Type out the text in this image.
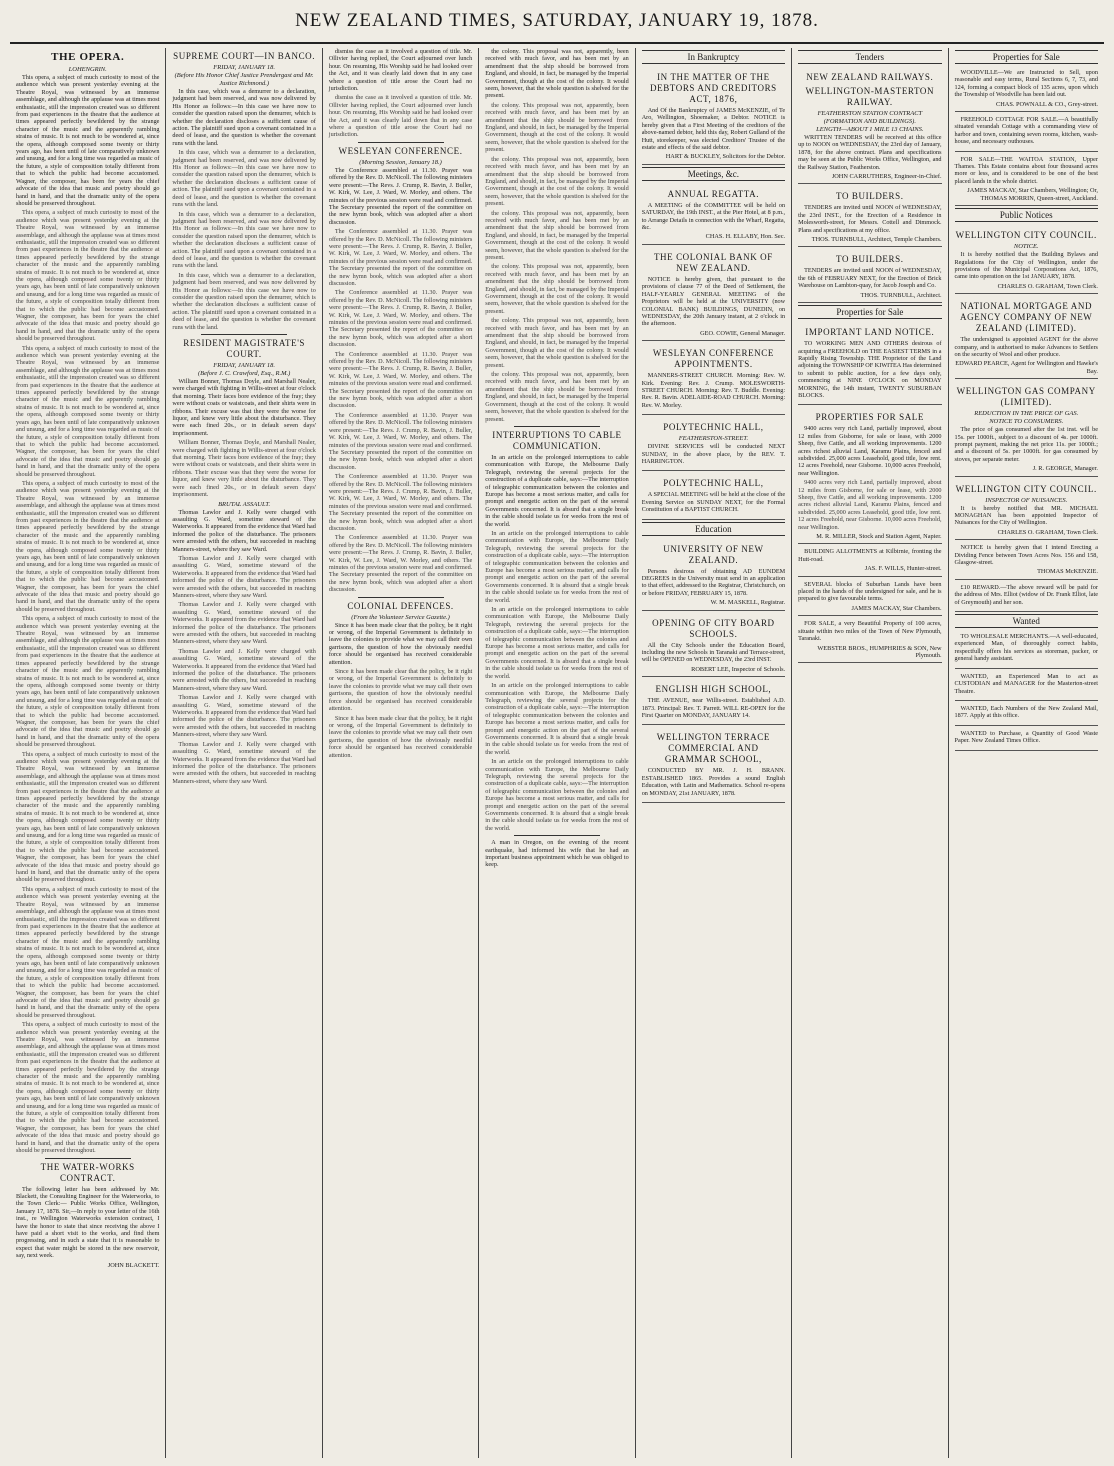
NEW ZEALAND TIMES, SATURDAY, JANUARY 19, 1878.
THE OPERA.
LOHENGRIN.

This opera, a subject of much curiosity to most of the audience which was present yesterday evening at the Theatre Royal, was witnessed by an immense assemblage, and although the applause was at times most enthusiastic, still the impression created was so different from past experiences in the theatre that the audience at times appeared perfectly bewildered by the strange character of the music and the apparently rambling strains of music. It is not much to be wondered at, since the opera, although composed some twenty or thirty years ago, has been until of late comparatively unknown and unsung, and for a long time was regarded as music of the future, a style of composition totally different from that to which the public had become accustomed. Wagner, the composer, has been for years the chief advocate of the idea that music and poetry should go hand in hand, and that the dramatic unity of the opera should be preserved throughout.

This opera, a subject of much curiosity to most of the audience which was present yesterday evening at the Theatre Royal, was witnessed by an immense assemblage, and although the applause was at times most enthusiastic, still the impression created was so different from past experiences in the theatre that the audience at times appeared perfectly bewildered by the strange character of the music and the apparently rambling strains of music. It is not much to be wondered at, since the opera, although composed some twenty or thirty years ago, has been until of late comparatively unknown and unsung, and for a long time was regarded as music of the future, a style of composition totally different from that to which the public had become accustomed. Wagner, the composer, has been for years the chief advocate of the idea that music and poetry should go hand in hand, and that the dramatic unity of the opera should be preserved throughout.

This opera, a subject of much curiosity to most of the audience which was present yesterday evening at the Theatre Royal, was witnessed by an immense assemblage, and although the applause was at times most enthusiastic, still the impression created was so different from past experiences in the theatre that the audience at times appeared perfectly bewildered by the strange character of the music and the apparently rambling strains of music. It is not much to be wondered at, since the opera, although composed some twenty or thirty years ago, has been until of late comparatively unknown and unsung, and for a long time was regarded as music of the future, a style of composition totally different from that to which the public had become accustomed. Wagner, the composer, has been for years the chief advocate of the idea that music and poetry should go hand in hand, and that the dramatic unity of the opera should be preserved throughout.

This opera, a subject of much curiosity to most of the audience which was present yesterday evening at the Theatre Royal, was witnessed by an immense assemblage, and although the applause was at times most enthusiastic, still the impression created was so different from past experiences in the theatre that the audience at times appeared perfectly bewildered by the strange character of the music and the apparently rambling strains of music. It is not much to be wondered at, since the opera, although composed some twenty or thirty years ago, has been until of late comparatively unknown and unsung, and for a long time was regarded as music of the future, a style of composition totally different from that to which the public had become accustomed. Wagner, the composer, has been for years the chief advocate of the idea that music and poetry should go hand in hand, and that the dramatic unity of the opera should be preserved throughout.

This opera, a subject of much curiosity to most of the audience which was present yesterday evening at the Theatre Royal, was witnessed by an immense assemblage, and although the applause was at times most enthusiastic, still the impression created was so different from past experiences in the theatre that the audience at times appeared perfectly bewildered by the strange character of the music and the apparently rambling strains of music. It is not much to be wondered at, since the opera, although composed some twenty or thirty years ago, has been until of late comparatively unknown and unsung, and for a long time was regarded as music of the future, a style of composition totally different from that to which the public had become accustomed. Wagner, the composer, has been for years the chief advocate of the idea that music and poetry should go hand in hand, and that the dramatic unity of the opera should be preserved throughout.

This opera, a subject of much curiosity to most of the audience which was present yesterday evening at the Theatre Royal, was witnessed by an immense assemblage, and although the applause was at times most enthusiastic, still the impression created was so different from past experiences in the theatre that the audience at times appeared perfectly bewildered by the strange character of the music and the apparently rambling strains of music. It is not much to be wondered at, since the opera, although composed some twenty or thirty years ago, has been until of late comparatively unknown and unsung, and for a long time was regarded as music of the future, a style of composition totally different from that to which the public had become accustomed. Wagner, the composer, has been for years the chief advocate of the idea that music and poetry should go hand in hand, and that the dramatic unity of the opera should be preserved throughout.

This opera, a subject of much curiosity to most of the audience which was present yesterday evening at the Theatre Royal, was witnessed by an immense assemblage, and although the applause was at times most enthusiastic, still the impression created was so different from past experiences in the theatre that the audience at times appeared perfectly bewildered by the strange character of the music and the apparently rambling strains of music. It is not much to be wondered at, since the opera, although composed some twenty or thirty years ago, has been until of late comparatively unknown and unsung, and for a long time was regarded as music of the future, a style of composition totally different from that to which the public had become accustomed. Wagner, the composer, has been for years the chief advocate of the idea that music and poetry should go hand in hand, and that the dramatic unity of the opera should be preserved throughout.

This opera, a subject of much curiosity to most of the audience which was present yesterday evening at the Theatre Royal, was witnessed by an immense assemblage, and although the applause was at times most enthusiastic, still the impression created was so different from past experiences in the theatre that the audience at times appeared perfectly bewildered by the strange character of the music and the apparently rambling strains of music. It is not much to be wondered at, since the opera, although composed some twenty or thirty years ago, has been until of late comparatively unknown and unsung, and for a long time was regarded as music of the future, a style of composition totally different from that to which the public had become accustomed. Wagner, the composer, has been for years the chief advocate of the idea that music and poetry should go hand in hand, and that the dramatic unity of the opera should be preserved throughout.

THE WATER-WORKS CONTRACT.

The following letter has been addressed by Mr. Blackett, the Consulting Engineer for the Waterworks, to the Town Clerk:— Public Works Office, Wellington, January 17, 1878. Sir,—In reply to your letter of the 16th inst., re Wellington Waterworks extension contract, I have the honor to state that since receiving the above I have paid a short visit to the works, and find them progressing, and in such a state that it is reasonable to expect that water might be stored in the new reservoir, say, next week.

JOHN BLACKETT.
SUPREME COURT—IN BANCO.
FRIDAY, JANUARY 18.
(Before His Honor Chief Justice Prendergast and Mr. Justice Richmond.)

In this case, which was a demurrer to a declaration, judgment had been reserved, and was now delivered by His Honor as follows:—In this case we have now to consider the question raised upon the demurrer, which is whether the declaration discloses a sufficient cause of action. The plaintiff sued upon a covenant contained in a deed of lease, and the question is whether the covenant runs with the land.

In this case, which was a demurrer to a declaration, judgment had been reserved, and was now delivered by His Honor as follows:—In this case we have now to consider the question raised upon the demurrer, which is whether the declaration discloses a sufficient cause of action. The plaintiff sued upon a covenant contained in a deed of lease, and the question is whether the covenant runs with the land.

In this case, which was a demurrer to a declaration, judgment had been reserved, and was now delivered by His Honor as follows:—In this case we have now to consider the question raised upon the demurrer, which is whether the declaration discloses a sufficient cause of action. The plaintiff sued upon a covenant contained in a deed of lease, and the question is whether the covenant runs with the land.

In this case, which was a demurrer to a declaration, judgment had been reserved, and was now delivered by His Honor as follows:—In this case we have now to consider the question raised upon the demurrer, which is whether the declaration discloses a sufficient cause of action. The plaintiff sued upon a covenant contained in a deed of lease, and the question is whether the covenant runs with the land.

RESIDENT MAGISTRATE'S COURT.
FRIDAY, JANUARY 18.
(Before J. C. Crawford, Esq., R.M.)

William Bonner, Thomas Doyle, and Marshall Nealer, were charged with fighting in Willis-street at four o'clock that morning. Their faces bore evidence of the fray; they were without coats or waistcoats, and their shirts were in ribbons. Their excuse was that they were the worse for liquor, and knew very little about the disturbance. They were each fined 20s., or in default seven days' imprisonment.

William Bonner, Thomas Doyle, and Marshall Nealer, were charged with fighting in Willis-street at four o'clock that morning. Their faces bore evidence of the fray; they were without coats or waistcoats, and their shirts were in ribbons. Their excuse was that they were the worse for liquor, and knew very little about the disturbance. They were each fined 20s., or in default seven days' imprisonment.

BRUTAL ASSAULT.

Thomas Lawlor and J. Kelly were charged with assaulting G. Ward, sometime steward of the Waterworks. It appeared from the evidence that Ward had informed the police of the disturbance. The prisoners were arrested with the others, but succeeded in reaching Manners-street, where they saw Ward.

Thomas Lawlor and J. Kelly were charged with assaulting G. Ward, sometime steward of the Waterworks. It appeared from the evidence that Ward had informed the police of the disturbance. The prisoners were arrested with the others, but succeeded in reaching Manners-street, where they saw Ward.

Thomas Lawlor and J. Kelly were charged with assaulting G. Ward, sometime steward of the Waterworks. It appeared from the evidence that Ward had informed the police of the disturbance. The prisoners were arrested with the others, but succeeded in reaching Manners-street, where they saw Ward.

Thomas Lawlor and J. Kelly were charged with assaulting G. Ward, sometime steward of the Waterworks. It appeared from the evidence that Ward had informed the police of the disturbance. The prisoners were arrested with the others, but succeeded in reaching Manners-street, where they saw Ward.

Thomas Lawlor and J. Kelly were charged with assaulting G. Ward, sometime steward of the Waterworks. It appeared from the evidence that Ward had informed the police of the disturbance. The prisoners were arrested with the others, but succeeded in reaching Manners-street, where they saw Ward.

Thomas Lawlor and J. Kelly were charged with assaulting G. Ward, sometime steward of the Waterworks. It appeared from the evidence that Ward had informed the police of the disturbance. The prisoners were arrested with the others, but succeeded in reaching Manners-street, where they saw Ward.

dismiss the case as it involved a question of title. Mr. Ollivier having replied, the Court adjourned over lunch hour. On resuming, His Worship said he had looked over the Act, and it was clearly laid down that in any case where a question of title arose the Court had no jurisdiction.

dismiss the case as it involved a question of title. Mr. Ollivier having replied, the Court adjourned over lunch hour. On resuming, His Worship said he had looked over the Act, and it was clearly laid down that in any case where a question of title arose the Court had no jurisdiction.

WESLEYAN CONFERENCE.
(Morning Session, January 18.)

The Conference assembled at 11.30. Prayer was offered by the Rev. D. McNicoll. The following ministers were present:—The Revs. J. Crump, R. Bavin, J. Buller, W. Kirk, W. Lee, J. Ward, W. Morley, and others. The minutes of the previous session were read and confirmed. The Secretary presented the report of the committee on the new hymn book, which was adopted after a short discussion.

The Conference assembled at 11.30. Prayer was offered by the Rev. D. McNicoll. The following ministers were present:—The Revs. J. Crump, R. Bavin, J. Buller, W. Kirk, W. Lee, J. Ward, W. Morley, and others. The minutes of the previous session were read and confirmed. The Secretary presented the report of the committee on the new hymn book, which was adopted after a short discussion.

The Conference assembled at 11.30. Prayer was offered by the Rev. D. McNicoll. The following ministers were present:—The Revs. J. Crump, R. Bavin, J. Buller, W. Kirk, W. Lee, J. Ward, W. Morley, and others. The minutes of the previous session were read and confirmed. The Secretary presented the report of the committee on the new hymn book, which was adopted after a short discussion.

The Conference assembled at 11.30. Prayer was offered by the Rev. D. McNicoll. The following ministers were present:—The Revs. J. Crump, R. Bavin, J. Buller, W. Kirk, W. Lee, J. Ward, W. Morley, and others. The minutes of the previous session were read and confirmed. The Secretary presented the report of the committee on the new hymn book, which was adopted after a short discussion.

The Conference assembled at 11.30. Prayer was offered by the Rev. D. McNicoll. The following ministers were present:—The Revs. J. Crump, R. Bavin, J. Buller, W. Kirk, W. Lee, J. Ward, W. Morley, and others. The minutes of the previous session were read and confirmed. The Secretary presented the report of the committee on the new hymn book, which was adopted after a short discussion.

The Conference assembled at 11.30. Prayer was offered by the Rev. D. McNicoll. The following ministers were present:—The Revs. J. Crump, R. Bavin, J. Buller, W. Kirk, W. Lee, J. Ward, W. Morley, and others. The minutes of the previous session were read and confirmed. The Secretary presented the report of the committee on the new hymn book, which was adopted after a short discussion.

The Conference assembled at 11.30. Prayer was offered by the Rev. D. McNicoll. The following ministers were present:—The Revs. J. Crump, R. Bavin, J. Buller, W. Kirk, W. Lee, J. Ward, W. Morley, and others. The minutes of the previous session were read and confirmed. The Secretary presented the report of the committee on the new hymn book, which was adopted after a short discussion.

COLONIAL DEFENCES.
(From the Volunteer Service Gazette.)

Since it has been made clear that the policy, be it right or wrong, of the Imperial Government is definitely to leave the colonies to provide what we may call their own garrisons, the question of how the obviously needful force should be organised has received considerable attention.

Since it has been made clear that the policy, be it right or wrong, of the Imperial Government is definitely to leave the colonies to provide what we may call their own garrisons, the question of how the obviously needful force should be organised has received considerable attention.

Since it has been made clear that the policy, be it right or wrong, of the Imperial Government is definitely to leave the colonies to provide what we may call their own garrisons, the question of how the obviously needful force should be organised has received considerable attention.

the colony. This proposal was not, apparently, been received with much favor, and has been met by an amendment that the ship should be borrowed from England, and should, in fact, be managed by the Imperial Government, though at the cost of the colony. It would seem, however, that the whole question is shelved for the present.

the colony. This proposal was not, apparently, been received with much favor, and has been met by an amendment that the ship should be borrowed from England, and should, in fact, be managed by the Imperial Government, though at the cost of the colony. It would seem, however, that the whole question is shelved for the present.

the colony. This proposal was not, apparently, been received with much favor, and has been met by an amendment that the ship should be borrowed from England, and should, in fact, be managed by the Imperial Government, though at the cost of the colony. It would seem, however, that the whole question is shelved for the present.

the colony. This proposal was not, apparently, been received with much favor, and has been met by an amendment that the ship should be borrowed from England, and should, in fact, be managed by the Imperial Government, though at the cost of the colony. It would seem, however, that the whole question is shelved for the present.

the colony. This proposal was not, apparently, been received with much favor, and has been met by an amendment that the ship should be borrowed from England, and should, in fact, be managed by the Imperial Government, though at the cost of the colony. It would seem, however, that the whole question is shelved for the present.

the colony. This proposal was not, apparently, been received with much favor, and has been met by an amendment that the ship should be borrowed from England, and should, in fact, be managed by the Imperial Government, though at the cost of the colony. It would seem, however, that the whole question is shelved for the present.

the colony. This proposal was not, apparently, been received with much favor, and has been met by an amendment that the ship should be borrowed from England, and should, in fact, be managed by the Imperial Government, though at the cost of the colony. It would seem, however, that the whole question is shelved for the present.

INTERRUPTIONS TO CABLE COMMUNICATION.

In an article on the prolonged interruptions to cable communication with Europe, the Melbourne Daily Telegraph, reviewing the several projects for the construction of a duplicate cable, says:—The interruption of telegraphic communication between the colonies and Europe has become a most serious matter, and calls for prompt and energetic action on the part of the several Governments concerned. It is absurd that a single break in the cable should isolate us for weeks from the rest of the world.

In an article on the prolonged interruptions to cable communication with Europe, the Melbourne Daily Telegraph, reviewing the several projects for the construction of a duplicate cable, says:—The interruption of telegraphic communication between the colonies and Europe has become a most serious matter, and calls for prompt and energetic action on the part of the several Governments concerned. It is absurd that a single break in the cable should isolate us for weeks from the rest of the world.

In an article on the prolonged interruptions to cable communication with Europe, the Melbourne Daily Telegraph, reviewing the several projects for the construction of a duplicate cable, says:—The interruption of telegraphic communication between the colonies and Europe has become a most serious matter, and calls for prompt and energetic action on the part of the several Governments concerned. It is absurd that a single break in the cable should isolate us for weeks from the rest of the world.

In an article on the prolonged interruptions to cable communication with Europe, the Melbourne Daily Telegraph, reviewing the several projects for the construction of a duplicate cable, says:—The interruption of telegraphic communication between the colonies and Europe has become a most serious matter, and calls for prompt and energetic action on the part of the several Governments concerned. It is absurd that a single break in the cable should isolate us for weeks from the rest of the world.

In an article on the prolonged interruptions to cable communication with Europe, the Melbourne Daily Telegraph, reviewing the several projects for the construction of a duplicate cable, says:—The interruption of telegraphic communication between the colonies and Europe has become a most serious matter, and calls for prompt and energetic action on the part of the several Governments concerned. It is absurd that a single break in the cable should isolate us for weeks from the rest of the world.

A man in Oregon, on the evening of the recent earthquake, had informed his wife that he had an important business appointment which he was obliged to keep.

In Bankruptcy
IN THE MATTER OF THE DEBTORS AND CREDITORS ACT, 1876,

And Of the Bankruptcy of JAMES McKENZIE, of Te Aro, Wellington, Shoemaker, a Debtor. NOTICE is hereby given that a First Meeting of the creditors of the above-named debtor, held this day, Robert Gulland of the Hutt, storekeeper, was elected Creditors' Trustee of the estate and effects of the said debtor.

HART & BUCKLEY, Solicitors for the Debtor.
Meetings, &c.
ANNUAL REGATTA.

A MEETING of the COMMITTEE will be held on SATURDAY, the 19th INST., at the Pier Hotel, at 8 p.m., to Arrange Details in connection with the Wharf, Regatta, &c.

CHAS. H. ELLABY, Hon. Sec.
THE COLONIAL BANK OF NEW ZEALAND.

NOTICE is hereby given, that pursuant to the provisions of clause 77 of the Deed of Settlement, the HALF-YEARLY GENERAL MEETING of the Proprietors will be held at the UNIVERSITY (now COLONIAL BANK) BUILDINGS, DUNEDIN, on WEDNESDAY, the 20th January instant, at 2 o'clock in the afternoon.

GEO. COWIE, General Manager.
WESLEYAN CONFERENCE APPOINTMENTS.

MANNERS-STREET CHURCH. Morning: Rev. W. Kirk. Evening: Rev. J. Crump. MOLESWORTH-STREET CHURCH. Morning: Rev. T. Buddle. Evening: Rev. R. Bavin. ADELAIDE-ROAD CHURCH. Morning: Rev. W. Morley.

POLYTECHNIC HALL,
FEATHERSTON-STREET.

DIVINE SERVICES will be conducted NEXT SUNDAY, in the above place, by the REV. T. HARRINGTON.

POLYTECHNIC HALL,

A SPECIAL MEETING will be held at the close of the Evening Service on SUNDAY NEXT, for the Formal Constitution of a BAPTIST CHURCH.

Education
UNIVERSITY OF NEW ZEALAND.

Persons desirous of obtaining AD EUNDEM DEGREES in the University must send in an application to that effect, addressed to the Registrar, Christchurch, on or before FRIDAY, FEBRUARY 15, 1878.

W. M. MASKELL, Registrar.
OPENING OF CITY BOARD SCHOOLS.

All the City Schools under the Education Board, including the new Schools in Taranaki and Terrace-street, will be OPENED on WEDNESDAY, the 23rd INST.

ROBERT LEE, Inspector of Schools.
ENGLISH HIGH SCHOOL,

THE AVENUE, near Willis-street. Established A.D. 1873. Principal: Rev. T. Parrett. WILL RE-OPEN for the First Quarter on MONDAY, JANUARY 14.

WELLINGTON TERRACE COMMERCIAL AND GRAMMAR SCHOOL,

CONDUCTED BY MR. J. H. BRANN. ESTABLISHED 1865. Provides a sound English Education, with Latin and Mathematics. School re-opens on MONDAY, 21st JANUARY, 1878.

Tenders
NEW ZEALAND RAILWAYS.
WELLINGTON-MASTERTON RAILWAY.
FEATHERSTON STATION CONTRACT (FORMATION AND BUILDINGS).
LENGTH—ABOUT 1 MILE 13 CHAINS.

WRITTEN TENDERS will be received at this office up to NOON on WEDNESDAY, the 23rd day of January, 1878, for the above contract. Plans and specifications may be seen at the Public Works Office, Wellington, and the Railway Station, Featherston.

JOHN CARRUTHERS, Engineer-in-Chief.
TO BUILDERS.

TENDERS are invited until NOON of WEDNESDAY, the 23rd INST., for the Erection of a Residence in Molesworth-street, for Messrs. Cottell and Dimmock. Plans and specifications at my office.

THOS. TURNBULL, Architect, Temple Chambers.
TO BUILDERS.

TENDERS are invited until NOON of WEDNESDAY, the 6th of FEBRUARY NEXT, for the Erection of Brick Warehouse on Lambton-quay, for Jacob Joseph and Co.

THOS. TURNBULL, Architect.
Properties for Sale
IMPORTANT LAND NOTICE.

TO WORKING MEN AND OTHERS desirous of acquiring a FREEHOLD on THE EASIEST TERMS in a Rapidly Rising Township. THE Proprietor of the Land adjoining the TOWNSHIP OF KIWITEA Has determined to submit to public auction, for a few days only, commencing at NINE O'CLOCK on MONDAY MORNING, the 14th instant, TWENTY SUBURBAN BLOCKS.

PROPERTIES FOR SALE

9400 acres very rich Land, partially improved, about 12 miles from Gisborne, for sale or lease, with 2000 Sheep, five Cattle, and all working improvements. 1200 acres richest alluvial Land, Karamu Plains, fenced and subdivided. 25,000 acres Leasehold, good title, low rent. 12 acres Freehold, near Gisborne. 10,000 acres Freehold, near Wellington.

9400 acres very rich Land, partially improved, about 12 miles from Gisborne, for sale or lease, with 2000 Sheep, five Cattle, and all working improvements. 1200 acres richest alluvial Land, Karamu Plains, fenced and subdivided. 25,000 acres Leasehold, good title, low rent. 12 acres Freehold, near Gisborne. 10,000 acres Freehold, near Wellington.

M. R. MILLER, Stock and Station Agent, Napier.

BUILDING ALLOTMENTS at Kilbirnie, fronting the Hutt-road.

JAS. F. WILLS, Hunter-street.

SEVERAL blocks of Suburban Lands have been placed in the hands of the undersigned for sale, and he is prepared to give favourable terms.

JAMES MACKAY, Star Chambers.

FOR SALE, a very Beautiful Property of 100 acres, situate within two miles of the Town of New Plymouth, Taranaki.

WEBSTER BROS., HUMPHRIES & SON, New Plymouth.
Properties for Sale

WOODVILLE—We are Instructed to Sell, upon reasonable and easy terms, Rural Sections 6, 7, 73, and 124, forming a compact block of 135 acres, upon which the Township of Woodville has been laid out.

CHAS. POWNALL & CO., Grey-street.

FREEHOLD COTTAGE FOR SALE.—A beautifully situated verandah Cottage with a commanding view of harbor and town, containing seven rooms, kitchen, wash-house, and necessary outhouses.

FOR SALE—THE WAITOA STATION, Upper Thames. This Estate contains about four thousand acres more or less, and is considered to be one of the best placed lands in the whole district.

JAMES MACKAY, Star Chambers, Wellington; Or, THOMAS MORRIN, Queen-street, Auckland.
Public Notices
WELLINGTON CITY COUNCIL.
NOTICE.

It is hereby notified that the Building Bylaws and Regulations for the City of Wellington, under the provisions of the Municipal Corporations Act, 1876, came into operation on the 1st JANUARY, 1878.

CHARLES O. GRAHAM, Town Clerk.
NATIONAL MORTGAGE AND AGENCY COMPANY OF NEW ZEALAND (LIMITED).

The undersigned is appointed AGENT for the above company, and is authorised to make Advances to Settlers on the security of Wool and other produce.

EDWARD PEARCE, Agent for Wellington and Hawke's Bay.
WELLINGTON GAS COMPANY (LIMITED).
REDUCTION IN THE PRICE OF GAS.
NOTICE TO CONSUMERS.

The price of gas consumed after the 1st inst. will be 15s. per 1000ft., subject to a discount of 4s. per 1000ft. prompt payment, making the net price 11s. per 1000ft.; and a discount of 5s. per 1000ft. for gas consumed by stoves, per separate meter.

J. R. GEORGE, Manager.
WELLINGTON CITY COUNCIL.
INSPECTOR OF NUISANCES.

It is hereby notified that MR. MICHAEL MONAGHAN has been appointed Inspector of Nuisances for the City of Wellington.

CHARLES O. GRAHAM, Town Clerk.

NOTICE is hereby given that I intend Erecting a Dividing Fence between Town Acres Nos. 156 and 158, Glasgow-street.

THOMAS McKENZIE.

£10 REWARD.—The above reward will be paid for the address of Mrs. Elliot (widow of Dr. Frank Elliot, late of Greymouth) and her son.

Wanted

TO WHOLESALE MERCHANTS.—A well-educated, experienced Man, of thoroughly correct habits, respectfully offers his services as storeman, packer, or general handy assistant.

WANTED, an Experienced Man to act as CUSTODIAN and MANAGER for the Masterton-street Theatre.

WANTED, Each Numbers of the New Zealand Mail, 1877. Apply at this office.

WANTED to Purchase, a Quantity of Good Waste Paper. New Zealand Times Office.
